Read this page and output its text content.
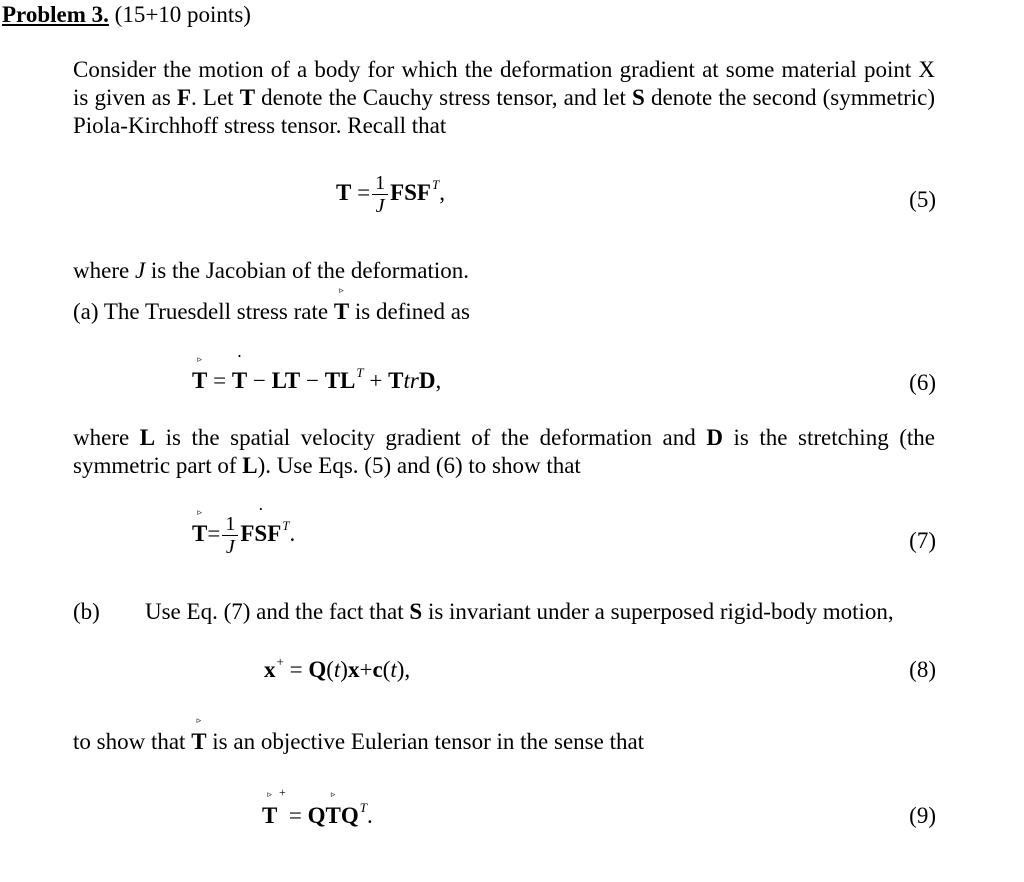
Problem 3. (15+10 points)
Consider the motion of a body for which the deformation gradient at some material point X is given as F. Let T denote the Cauchy stress tensor, and let S denote the second (symmetric) Piola-Kirchhoff stress tensor. Recall that
$T = \frac{1}{J} FSF^T$,	(5)
where J is the Jacobian of the deformation.
(a) The Truesdell stress rate
▹
T is defined as
▹
T =
˙
T − LT − $TL^T$ + TtrD,	(6)
where L is the spatial velocity gradient of the deformation and D is the stretching (the symmetric part of L). Use Eqs. (5) and (6) to show that
▹
$T= \frac{1}{J}$ F
˙
$SF^T$.	(7)
(b) Use Eq. (7) and the fact that S is invariant under a superposed rigid-body motion,
x+ = Q(t)x+c(t),	(8)
to show that
▹
T is an objective Eulerian tensor in the sense that
▹ +
T = Q
▹
$TQ^T$.	(9)
